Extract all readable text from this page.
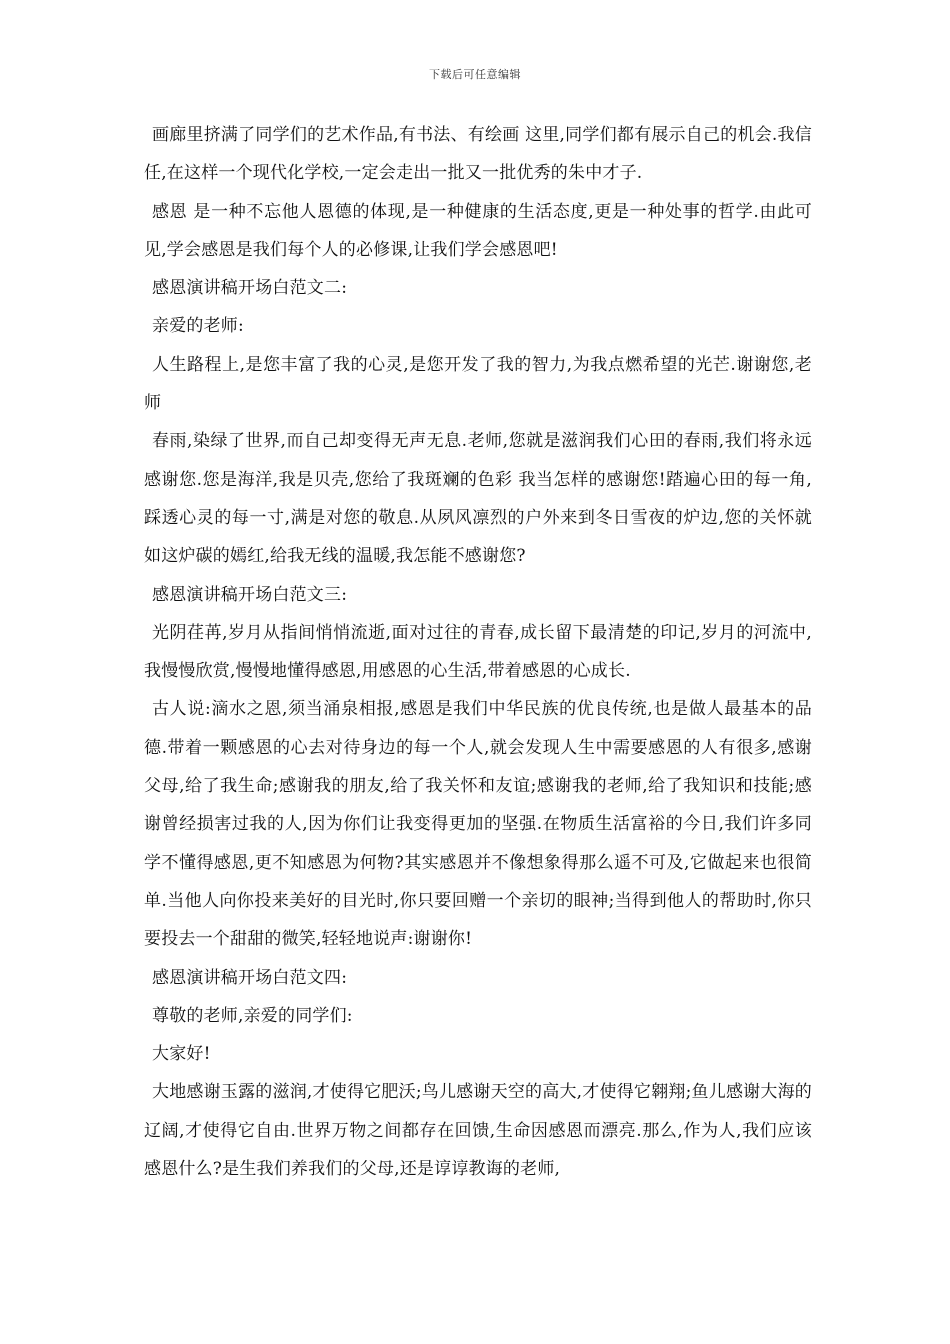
下载后可任意编辑

画廊里挤满了同学们的艺术作品,有书法、有绘画 这里,同学们都有展示自己的机会.我信任,在这样一个现代化学校,一定会走出一批又一批优秀的朱中才子.

感恩 是一种不忘他人恩德的体现,是一种健康的生活态度,更是一种处事的哲学.由此可见,学会感恩是我们每个人的必修课,让我们学会感恩吧!

感恩演讲稿开场白范文二:

亲爱的老师:

人生路程上,是您丰富了我的心灵,是您开发了我的智力,为我点燃希望的光芒.谢谢您,老师

春雨,染绿了世界,而自己却变得无声无息.老师,您就是滋润我们心田的春雨,我们将永远感谢您.您是海洋,我是贝壳,您给了我斑斓的色彩 我当怎样的感谢您!踏遍心田的每一角,踩透心灵的每一寸,满是对您的敬息.从夙风凛烈的户外来到冬日雪夜的炉边,您的关怀就如这炉碳的嫣红,给我无线的温暖,我怎能不感谢您?

感恩演讲稿开场白范文三:

光阴荏苒,岁月从指间悄悄流逝,面对过往的青春,成长留下最清楚的印记,岁月的河流中,我慢慢欣赏,慢慢地懂得感恩,用感恩的心生活,带着感恩的心成长.

古人说:滴水之恩,须当涌泉相报,感恩是我们中华民族的优良传统,也是做人最基本的品德.带着一颗感恩的心去对待身边的每一个人,就会发现人生中需要感恩的人有很多,感谢父母,给了我生命;感谢我的朋友,给了我关怀和友谊;感谢我的老师,给了我知识和技能;感谢曾经损害过我的人,因为你们让我变得更加的坚强.在物质生活富裕的今日,我们许多同学不懂得感恩,更不知感恩为何物?其实感恩并不像想象得那么遥不可及,它做起来也很简单.当他人向你投来美好的目光时,你只要回赠一个亲切的眼神;当得到他人的帮助时,你只要投去一个甜甜的微笑,轻轻地说声:谢谢你!

感恩演讲稿开场白范文四:

尊敬的老师,亲爱的同学们:

大家好!

大地感谢玉露的滋润,才使得它肥沃;鸟儿感谢天空的高大,才使得它翱翔;鱼儿感谢大海的辽阔,才使得它自由.世界万物之间都存在回馈,生命因感恩而漂亮.那么,作为人,我们应该感恩什么?是生我们养我们的父母,还是谆谆教诲的老师,
